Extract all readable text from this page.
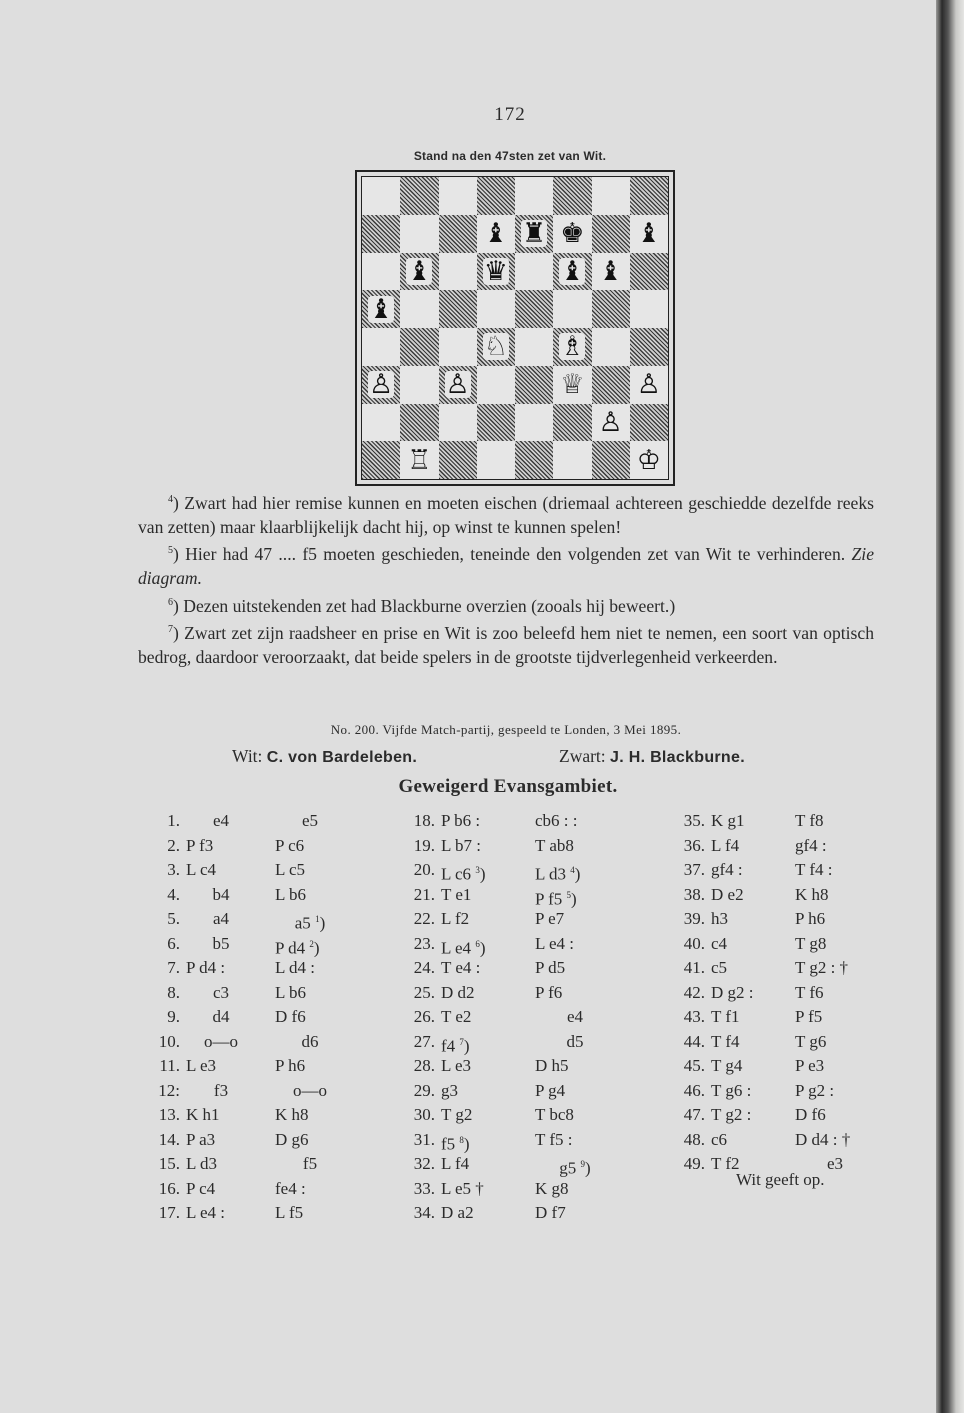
172
Stand na den 47sten zet van Wit.
♝ ♜ ♚ ♝
♝ ♛ ♝ ♝
♝
♘ ♗
♙ ♙	♕ ♙
♙
♖	♔

$^4$) Zwart had hier remise kunnen en moeten eischen (driemaal achtereen geschiedde dezelfde reeks van zetten) maar klaarblijkelijk dacht hij, op winst te kunnen spelen!

$^5$) Hier had 47 .... f5 moeten geschieden, teneinde den volgenden zet van Wit te verhinderen. Zie diagram.

$^6$) Dezen uitstekenden zet had Blackburne overzien (zooals hij beweert.)

$^7$) Zwart zet zijn raadsheer en prise en Wit is zoo beleefd hem niet te nemen, een soort van optisch bedrog, daardoor veroorzaakt, dat beide spelers in de grootste tijdverlegenheid verkeerden.

No. 200. Vijfde Match-partij, gespeeld te Londen, 3 Mei 1895.
Wit: C. von Bardeleben.	Zwart: J. H. Blackburne.
Geweigerd Evansgambiet.
1.	e4	e5
2. P f3	P c6
3. L c4	L c5
4.	b4	L b6
5.	a4	a5 $^1$)
6.	b5	P d4 $^2$)
7. P d4 :	L d4 :
8.	c3	L b6
9.	d4	D f6
10.	o—o	d6
11. L e3	P h6
12:	f3	o—o
13. K h1	K h8
14. P a3	D g6
15. L d3	f5
16. P c4	fe4 :
17. L e4 :	L f5
18. P b6 :	cb6 : :
19. L b7 :	T ab8
20. L c6 $^3$)	L d3 $^4$)
21. T e1	P f5 $^5$)
22. L f2	P e7
23. L e4 $^6$)	L e4 :
24. T e4 :	P d5
25. D d2	P f6
26. T e2	e4
27. f4 $^7$)	d5
28. L e3	D h5
29. g3	P g4
30. T g2	T bc8
31. f5 $^8$)	T f5 :
32. L f4	g5 $^9$)
33. L e5 †	K g8
34. D a2	D f7
35. K g1	T f8
36. L f4	gf4 :
37. gf4 :	T f4 :
38. D e2	K h8
39. h3	P h6
40. c4	T g8
41. c5	T g2 : †
42. D g2 :	T f6
43. T f1	P f5
44. T f4	T g6
45. T g4	P e3
46. T g6 :	P g2 :
47. T g2 :	D f6
48. c6	D d4 : †
49. T f2	e3
Wit geeft op.
